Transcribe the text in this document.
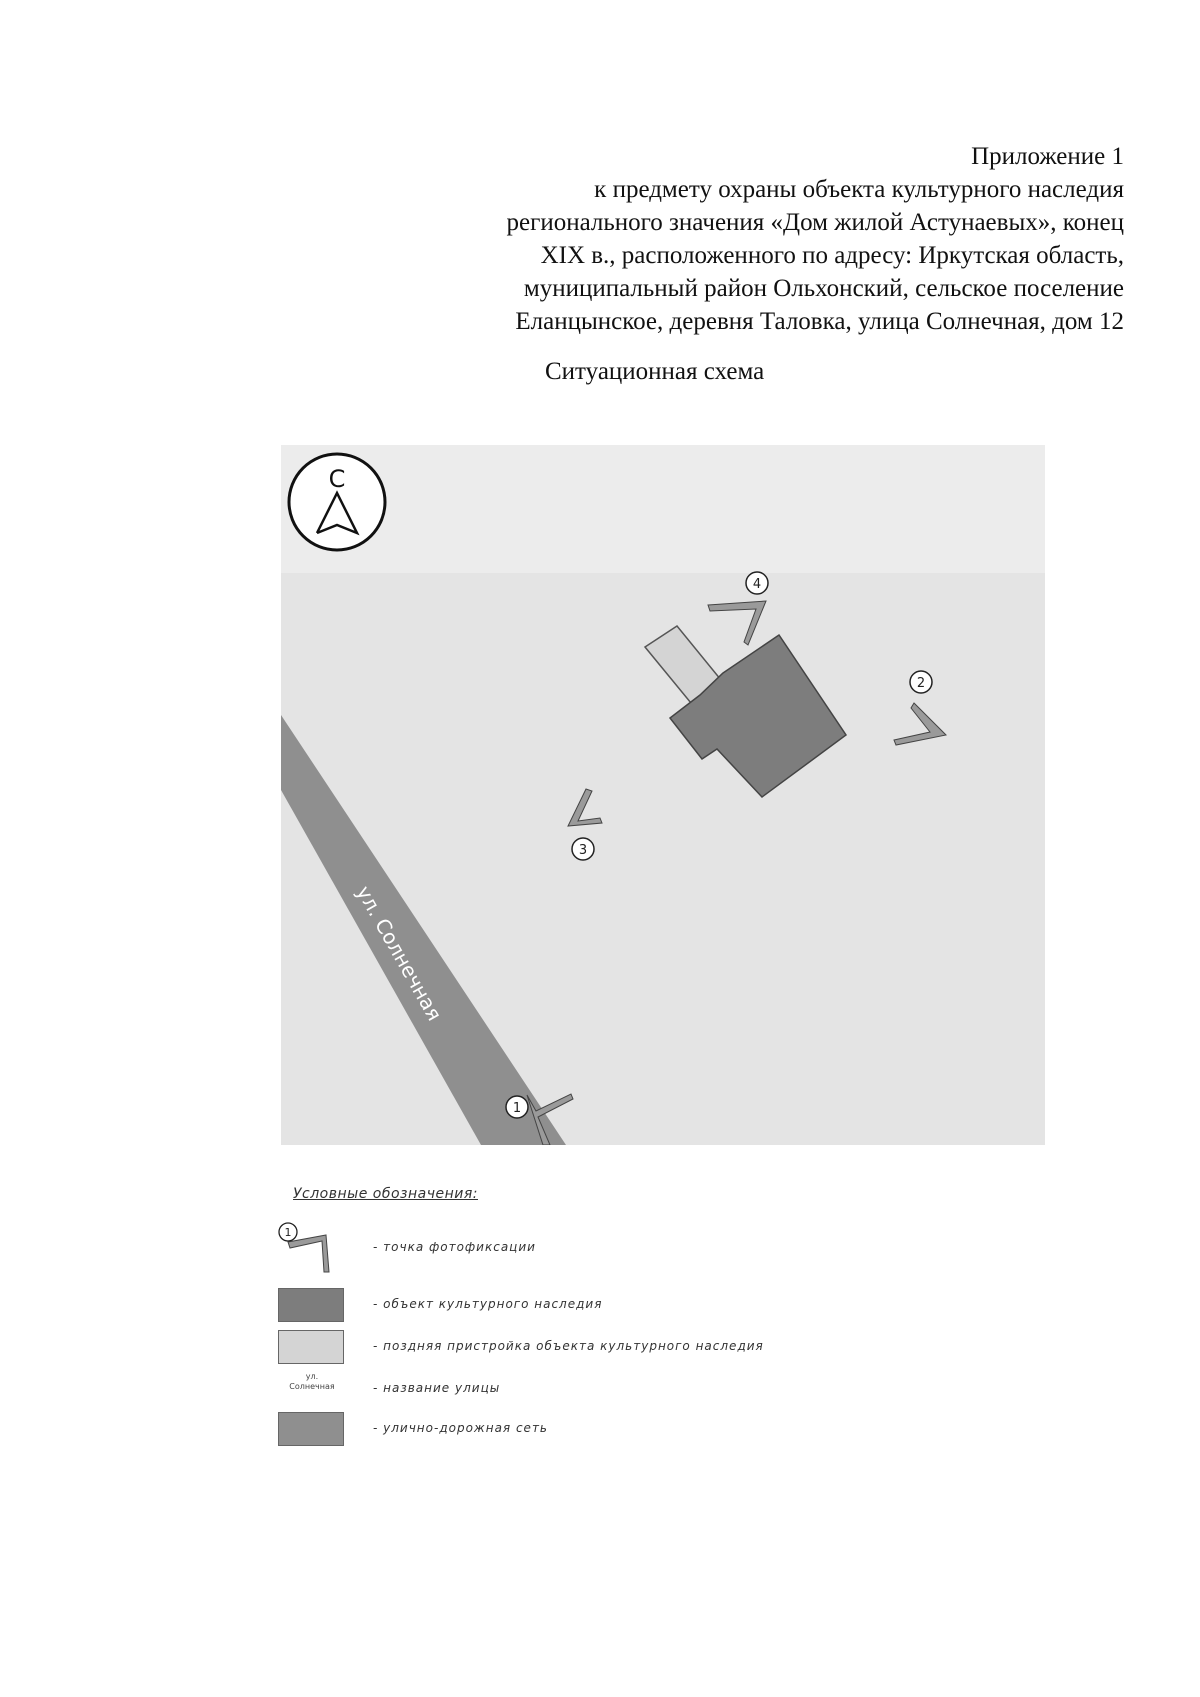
Приложение 1
к предмету охраны объекта культурного наследия
регионального значения «Дом жилой Астунаевых», конец
XIX в., расположенного по адресу: Иркутская область,
муниципальный район Ольхонский, сельское поселение
Еланцынское, деревня Таловка, улица Солнечная, дом 12
Ситуационная схема
ул. Солнечная
С
4
2
3
1
Условные обозначения:
1
- точка фотофиксации
- объект культурного наследия
- поздняя пристройка объекта культурного наследия
ул.
Солнечная	- название улицы
- улично-дорожная сеть
